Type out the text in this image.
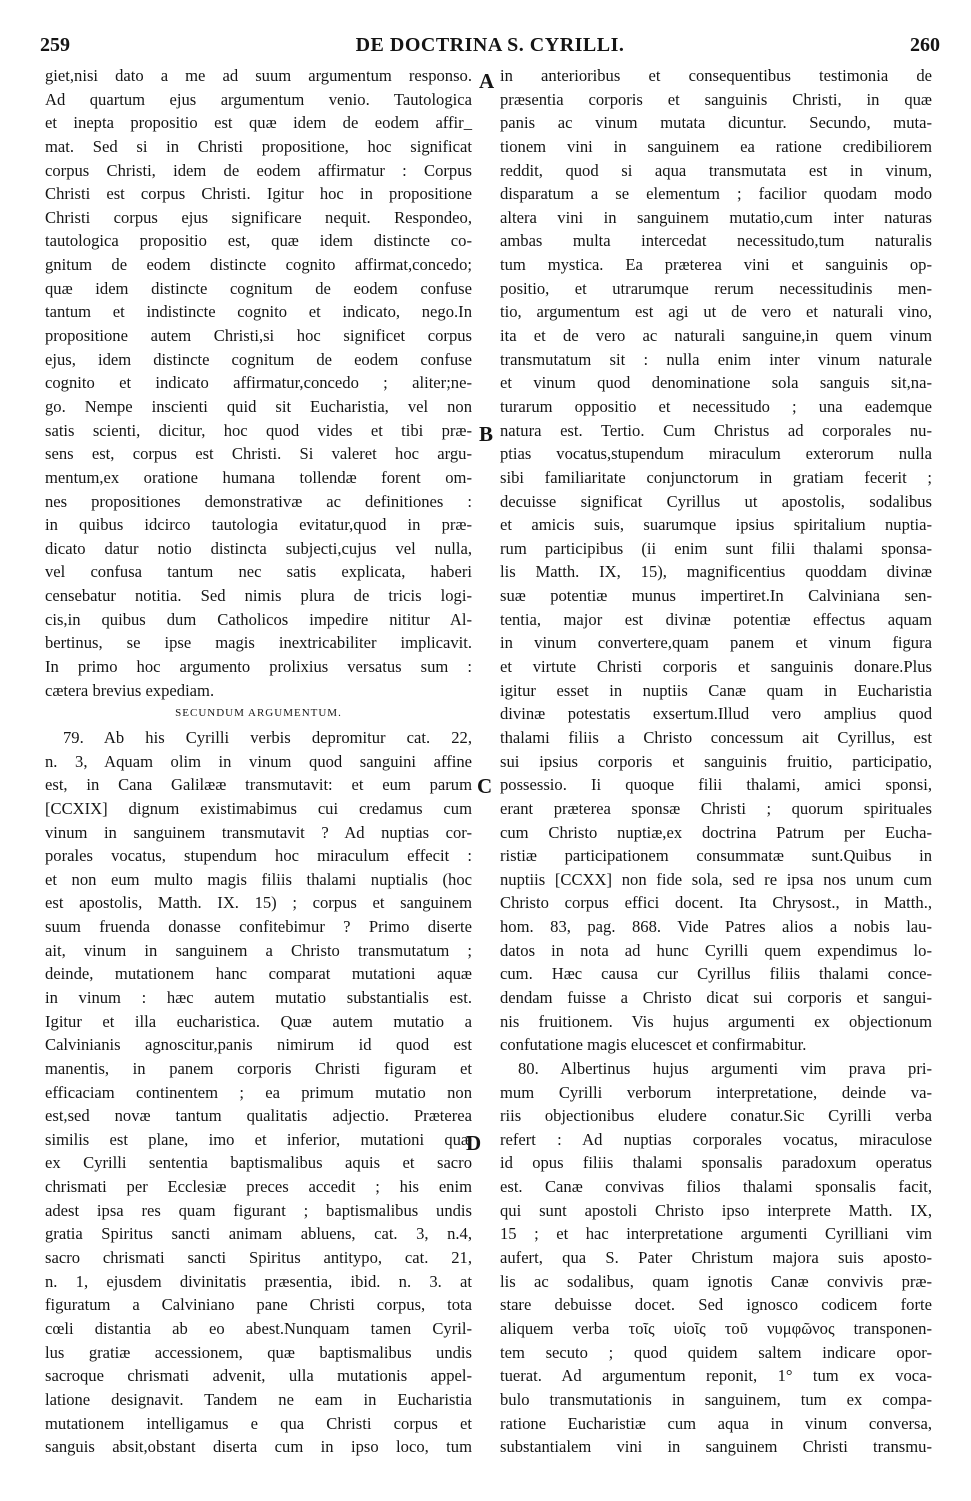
259	DE DOCTRINA S. CYRILLI.	260
A
B
C
D
giet,nisi dato a me ad suum argumentum responso.
Ad quartum ejus argumentum venio. Tautologica
et inepta propositio est quæ idem de eodem affir_
mat. Sed si in Christi propositione, hoc significat
corpus Christi, idem de eodem affirmatur : Corpus
Christi est corpus Christi. Igitur hoc in propositione
Christi corpus ejus significare nequit. Respondeo,
tautologica propositio est, quæ idem distincte co-
gnitum de eodem distincte cognito affirmat,concedo;
quæ idem distincte cognitum de eodem confuse
tantum et indistincte cognito et indicato, nego.In
propositione autem Christi,si hoc significet corpus
ejus, idem distincte cognitum de eodem confuse
cognito et indicato affirmatur,concedo ; aliter;ne-
go. Nempe inscienti quid sit Eucharistia, vel non
satis scienti, dicitur, hoc quod vides et tibi præ-
sens est, corpus est Christi. Si valeret hoc argu-
mentum,ex oratione humana tollendæ forent om-
nes propositiones demonstrativæ ac definitiones :
in quibus idcirco tautologia evitatur,quod in præ-
dicato datur notio distincta subjecti,cujus vel nulla,
vel confusa tantum nec satis explicata, haberi
censebatur notitia. Sed nimis plura de tricis logi-
cis,in quibus dum Catholicos impedire nititur Al-
bertinus, se ipse magis inextricabiliter implicavit.
In primo hoc argumento prolixius versatus sum :
cætera brevius expediam.
SECUNDUM ARGUMENTUM.
79. Ab his Cyrilli verbis depromitur cat. 22,
n. 3, Aquam olim in vinum quod sanguini affine
est, in Cana Galilææ transmutavit: et eum parum
[CCXIX] dignum existimabimus cui credamus cum
vinum in sanguinem transmutavit ? Ad nuptias cor-
porales vocatus, stupendum hoc miraculum effecit :
et non eum multo magis filiis thalami nuptialis (hoc
est apostolis, Matth. IX. 15) ; corpus et sanguinem
suum fruenda donasse confitebimur ? Primo diserte
ait, vinum in sanguinem a Christo transmutatum ;
deinde, mutationem hanc comparat mutationi aquæ
in vinum : hæc autem mutatio substantialis est.
Igitur et illa eucharistica. Quæ autem mutatio a
Calvinianis agnoscitur,panis nimirum id quod est
manentis, in panem corporis Christi figuram et
efficaciam continentem ; ea primum mutatio non
est,sed novæ tantum qualitatis adjectio. Præterea
similis est plane, imo et inferior, mutationi quæ
ex Cyrilli sententia baptismalibus aquis et sacro
chrismati per Ecclesiæ preces accedit ; his enim
adest ipsa res quam figurant ; baptismalibus undis
gratia Spiritus sancti animam abluens, cat. 3, n.4,
sacro chrismati sancti Spiritus antitypo, cat. 21,
n. 1, ejusdem divinitatis præsentia, ibid. n. 3. at
figuratum a Calviniano pane Christi corpus, tota
cœli distantia ab eo abest.Nunquam tamen Cyril-
lus gratiæ accessionem, quæ baptismalibus undis
sacroque chrismati advenit, ulla mutationis appel-
latione designavit. Tandem ne eam in Eucharistia
mutationem intelligamus e qua Christi corpus et
sanguis absit,obstant diserta cum in ipso loco, tum
in anterioribus et consequentibus testimonia de
præsentia corporis et sanguinis Christi, in quæ
panis ac vinum mutata dicuntur. Secundo, muta-
tionem vini in sanguinem ea ratione credibiliorem
reddit, quod si aqua transmutata est in vinum,
disparatum a se elementum ; facilior quodam modo
altera vini in sanguinem mutatio,cum inter naturas
ambas multa intercedat necessitudo,tum naturalis
tum mystica. Ea præterea vini et sanguinis op-
positio, et utrarumque rerum necessitudinis men-
tio, argumentum est agi ut de vero et naturali vino,
ita et de vero ac naturali sanguine,in quem vinum
transmutatum sit : nulla enim inter vinum naturale
et vinum quod denominatione sola sanguis sit,na-
turarum oppositio et necessitudo ; una eademque
natura est. Tertio. Cum Christus ad corporales nu-
ptias vocatus,stupendum miraculum exterorum nulla
sibi familiaritate conjunctorum in gratiam fecerit ;
decuisse significat Cyrillus ut apostolis, sodalibus
et amicis suis, suarumque ipsius spiritalium nuptia-
rum participibus (ii enim sunt filii thalami sponsa-
lis Matth. IX, 15), magnificentius quoddam divinæ
suæ potentiæ munus impertiret.In Calviniana sen-
tentia, major est divinæ potentiæ effectus aquam
in vinum convertere,quam panem et vinum figura
et virtute Christi corporis et sanguinis donare.Plus
igitur esset in nuptiis Canæ quam in Eucharistia
divinæ potestatis exsertum.Illud vero amplius quod
thalami filiis a Christo concessum ait Cyrillus, est
sui ipsius corporis et sanguinis fruitio, participatio,
possessio. Ii quoque filii thalami, amici sponsi,
erant præterea sponsæ Christi ; quorum spirituales
cum Christo nuptiæ,ex doctrina Patrum per Eucha-
ristiæ participationem consummatæ sunt.Quibus in
nuptiis [CCXX] non fide sola, sed re ipsa nos unum cum
Christo corpus effici docent. Ita Chrysost., in Matth.,
hom. 83, pag. 868. Vide Patres alios a nobis lau-
datos in nota ad hunc Cyrilli quem expendimus lo-
cum. Hæc causa cur Cyrillus filiis thalami conce-
dendam fuisse a Christo dicat sui corporis et sangui-
nis fruitionem. Vis hujus argumenti ex objectionum
confutatione magis elucescet et confirmabitur.
80. Albertinus hujus argumenti vim prava pri-
mum Cyrilli verborum interpretatione, deinde va-
riis objectionibus eludere conatur.Sic Cyrilli verba
refert : Ad nuptias corporales vocatus, miraculose
id opus filiis thalami sponsalis paradoxum operatus
est. Canæ convivas filios thalami sponsalis facit,
qui sunt apostoli Christo ipso interprete Matth. IX,
15 ; et hac interpretatione argumenti Cyrilliani vim
aufert, qua S. Pater Christum majora suis aposto-
lis ac sodalibus, quam ignotis Canæ convivis præ-
stare debuisse docet. Sed ignosco codicem forte
aliquem verba τοῖς υἱοῖς τοῦ νυμφῶνος transponen-
tem secuto ; quod quidem saltem indicare opor-
tuerat. Ad argumentum reponit, 1° tum ex voca-
bulo transmutationis in sanguinem, tum ex compa-
ratione Eucharistiæ cum aqua in vinum conversa,
substantialem vini in sanguinem Christi transmu-
